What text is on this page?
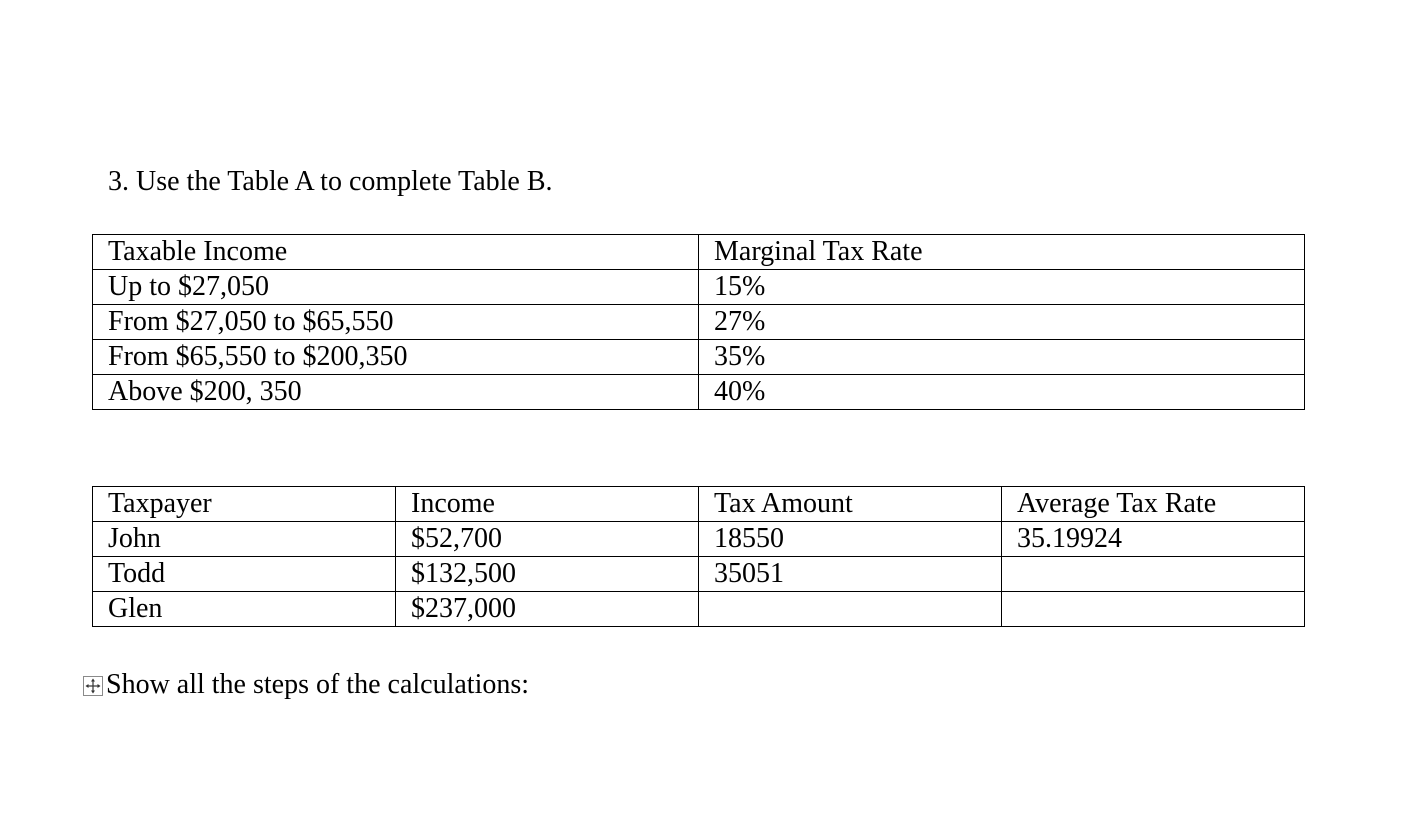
3. Use the Table A to complete Table B.
Taxable Income	Marginal Tax Rate
Up to $27,050	15%
From $27,050 to $65,550	27%
From $65,550 to $200,350	35%
Above $200, 350	40%
Taxpayer	Income	Tax Amount	Average Tax Rate
John	$52,700	18550	35.19924
Todd	$132,500	35051	
Glen	$237,000		
Show all the steps of the calculations:
